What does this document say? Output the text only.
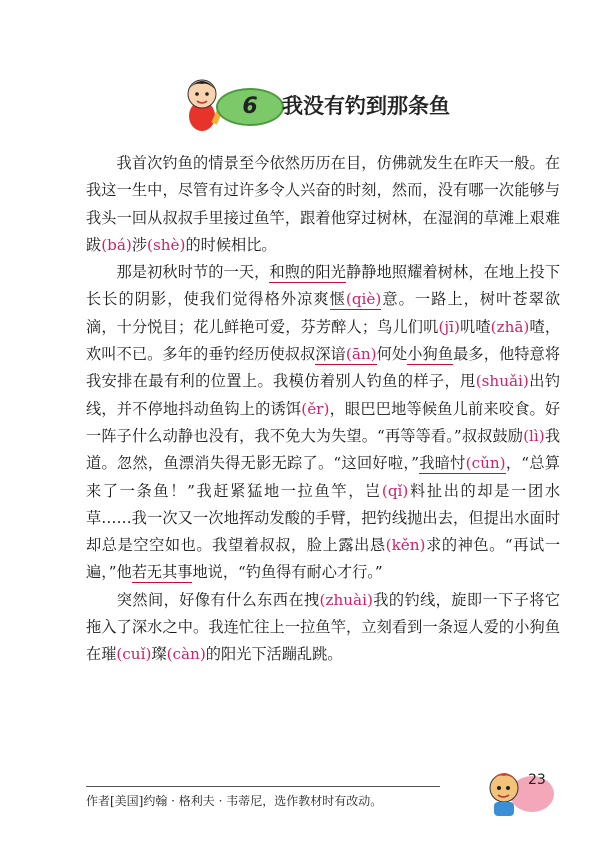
6	我没有钓到那条鱼

我首次钓鱼的情景至今依然历历在目，仿佛就发生在昨天一般。在我这一生中，尽管有过许多令人兴奋的时刻，然而，没有哪一次能够与我头一回从叔叔手里接过鱼竿，跟着他穿过树林，在湿润的草滩上艰难跋(bá)涉(shè)的时候相比。

那是初秋时节的一天，和煦的阳光静静地照耀着树林，在地上投下长长的阴影，使我们觉得格外凉爽惬(qiè)意。一路上，树叶苍翠欲滴，十分悦目；花儿鲜艳可爱，芬芳醉人；鸟儿们叽(jī)叽喳(zhā)喳，欢叫不已。多年的垂钓经历使叔叔深谙(ān)何处小狗鱼最多，他特意将我安排在最有利的位置上。我模仿着别人钓鱼的样子，甩(shuǎi)出钓线，并不停地抖动鱼钩上的诱饵(ěr)，眼巴巴地等候鱼儿前来咬食。好一阵子什么动静也没有，我不免大为失望。“再等等看。”叔叔鼓励(lì)我道。忽然，鱼漂消失得无影无踪了。“这回好啦，”我暗忖(cǔn)，“总算来了一条鱼！”我赶紧猛地一拉鱼竿，岂(qǐ)料扯出的却是一团水草……我一次又一次地挥动发酸的手臂，把钓线抛出去，但提出水面时却总是空空如也。我望着叔叔，脸上露出恳(kěn)求的神色。“再试一遍，”他若无其事地说，“钓鱼得有耐心才行。”

突然间，好像有什么东西在拽(zhuài)我的钓线，旋即一下子将它拖入了深水之中。我连忙往上一拉鱼竿，立刻看到一条逗人爱的小狗鱼在璀(cuǐ)璨(càn)的阳光下活蹦乱跳。

作者[美国]约翰 · 格利夫 · 韦蒂尼，选作教材时有改动。
23
